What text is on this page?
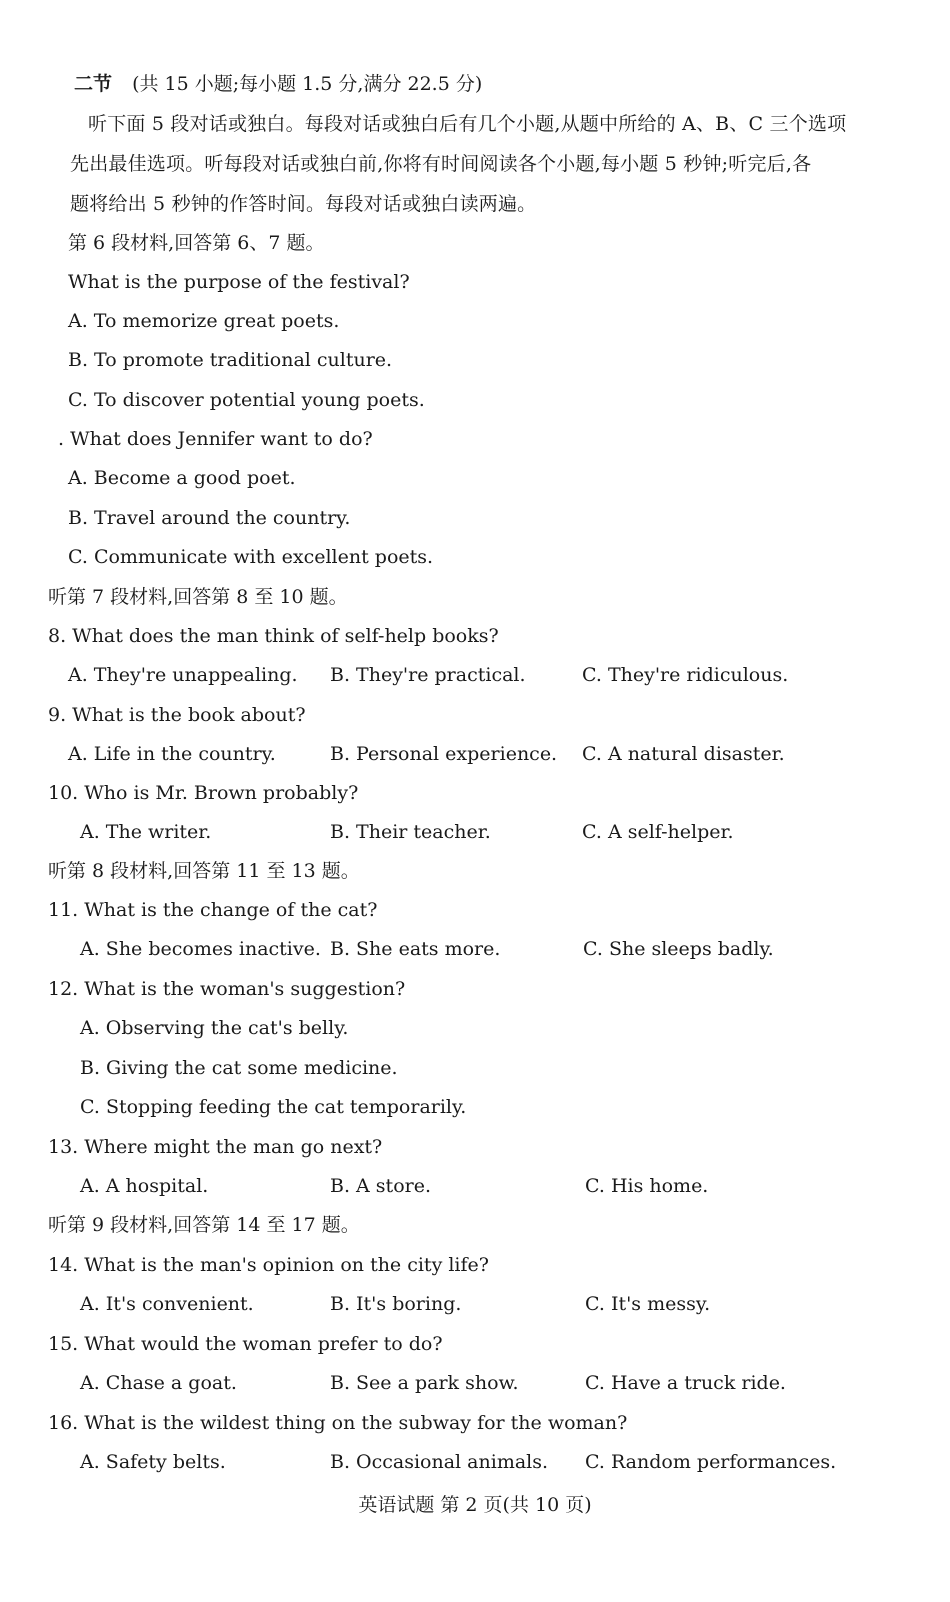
二节 (共 15 小题;每小题 1.5 分,满分 22.5 分)
听下面 5 段对话或独白。每段对话或独白后有几个小题,从题中所给的 A、B、C 三个选项
先出最佳选项。听每段对话或独白前,你将有时间阅读各个小题,每小题 5 秒钟;听完后,各
题将给出 5 秒钟的作答时间。每段对话或独白读两遍。
第 6 段材料,回答第 6、7 题。
What is the purpose of the festival?
A. To memorize great poets.
B. To promote traditional culture.
C. To discover potential young poets.
. What does Jennifer want to do?
A. Become a good poet.
B. Travel around the country.
C. Communicate with excellent poets.
听第 7 段材料,回答第 8 至 10 题。
8. What does the man think of self-help books?
A. They're unappealing. B. They're practical.	C. They're ridiculous.
9. What is the book about?
A. Life in the country.	B. Personal experience. C. A natural disaster.
10. Who is Mr. Brown probably?
A. The writer.	B. Their teacher.	C. A self-helper.
听第 8 段材料,回答第 11 至 13 题。
11. What is the change of the cat?
A. She becomes inactive. B. She eats more.	C. She sleeps badly.
12. What is the woman's suggestion?
A. Observing the cat's belly.
B. Giving the cat some medicine.
C. Stopping feeding the cat temporarily.
13. Where might the man go next?
A. A hospital.	B. A store.	C. His home.
听第 9 段材料,回答第 14 至 17 题。
14. What is the man's opinion on the city life?
A. It's convenient.	B. It's boring.	C. It's messy.
15. What would the woman prefer to do?
A. Chase a goat.	B. See a park show.	C. Have a truck ride.
16. What is the wildest thing on the subway for the woman?
A. Safety belts.	B. Occasional animals. C. Random performances.
英语试题 第 2 页(共 10 页)
